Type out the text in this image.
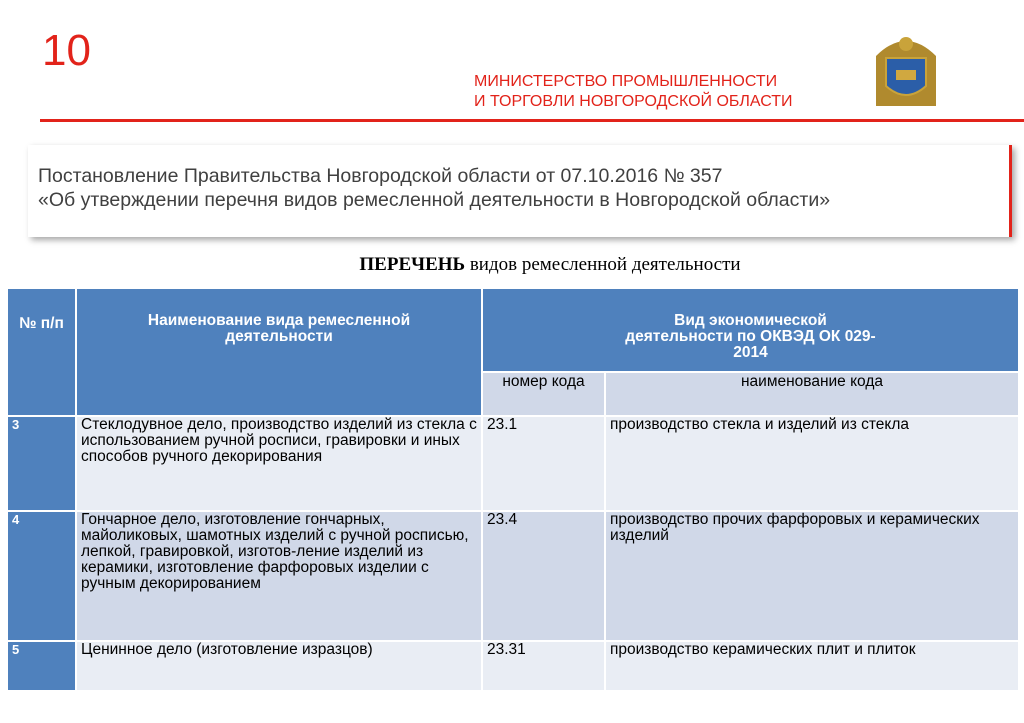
10
МИНИСТЕРСТВО ПРОМЫШЛЕННОСТИ
И ТОРГОВЛИ НОВГОРОДСКОЙ ОБЛАСТИ
Постановление Правительства Новгородской области от 07.10.2016 № 357
«Об утверждении перечня видов ремесленной деятельности в Новгородской области»
ПЕРЕЧЕНЬ видов ремесленной деятельности
№ п/п	Наименование вида ремесленной деятельности	Вид экономической деятельности по ОКВЭД ОК 029-2014	
		номер кода	наименование кода
3	Стеклодувное дело, производство изделий из стекла с использованием ручной росписи, гравировки и иных способов ручного декорирования	23.1	производство стекла и изделий из стекла
4	Гончарное дело, изготовление гончарных, майоликовых, шамотных изделий с ручной росписью, лепкой, гравировкой, изготов-ление изделий из керамики, изготовление фарфоровых изделии с ручным декорированием	23.4	производство прочих фарфоровых и керамических изделий
5	Ценинное дело (изготовление изразцов)	23.31	производство керамических плит и плиток
